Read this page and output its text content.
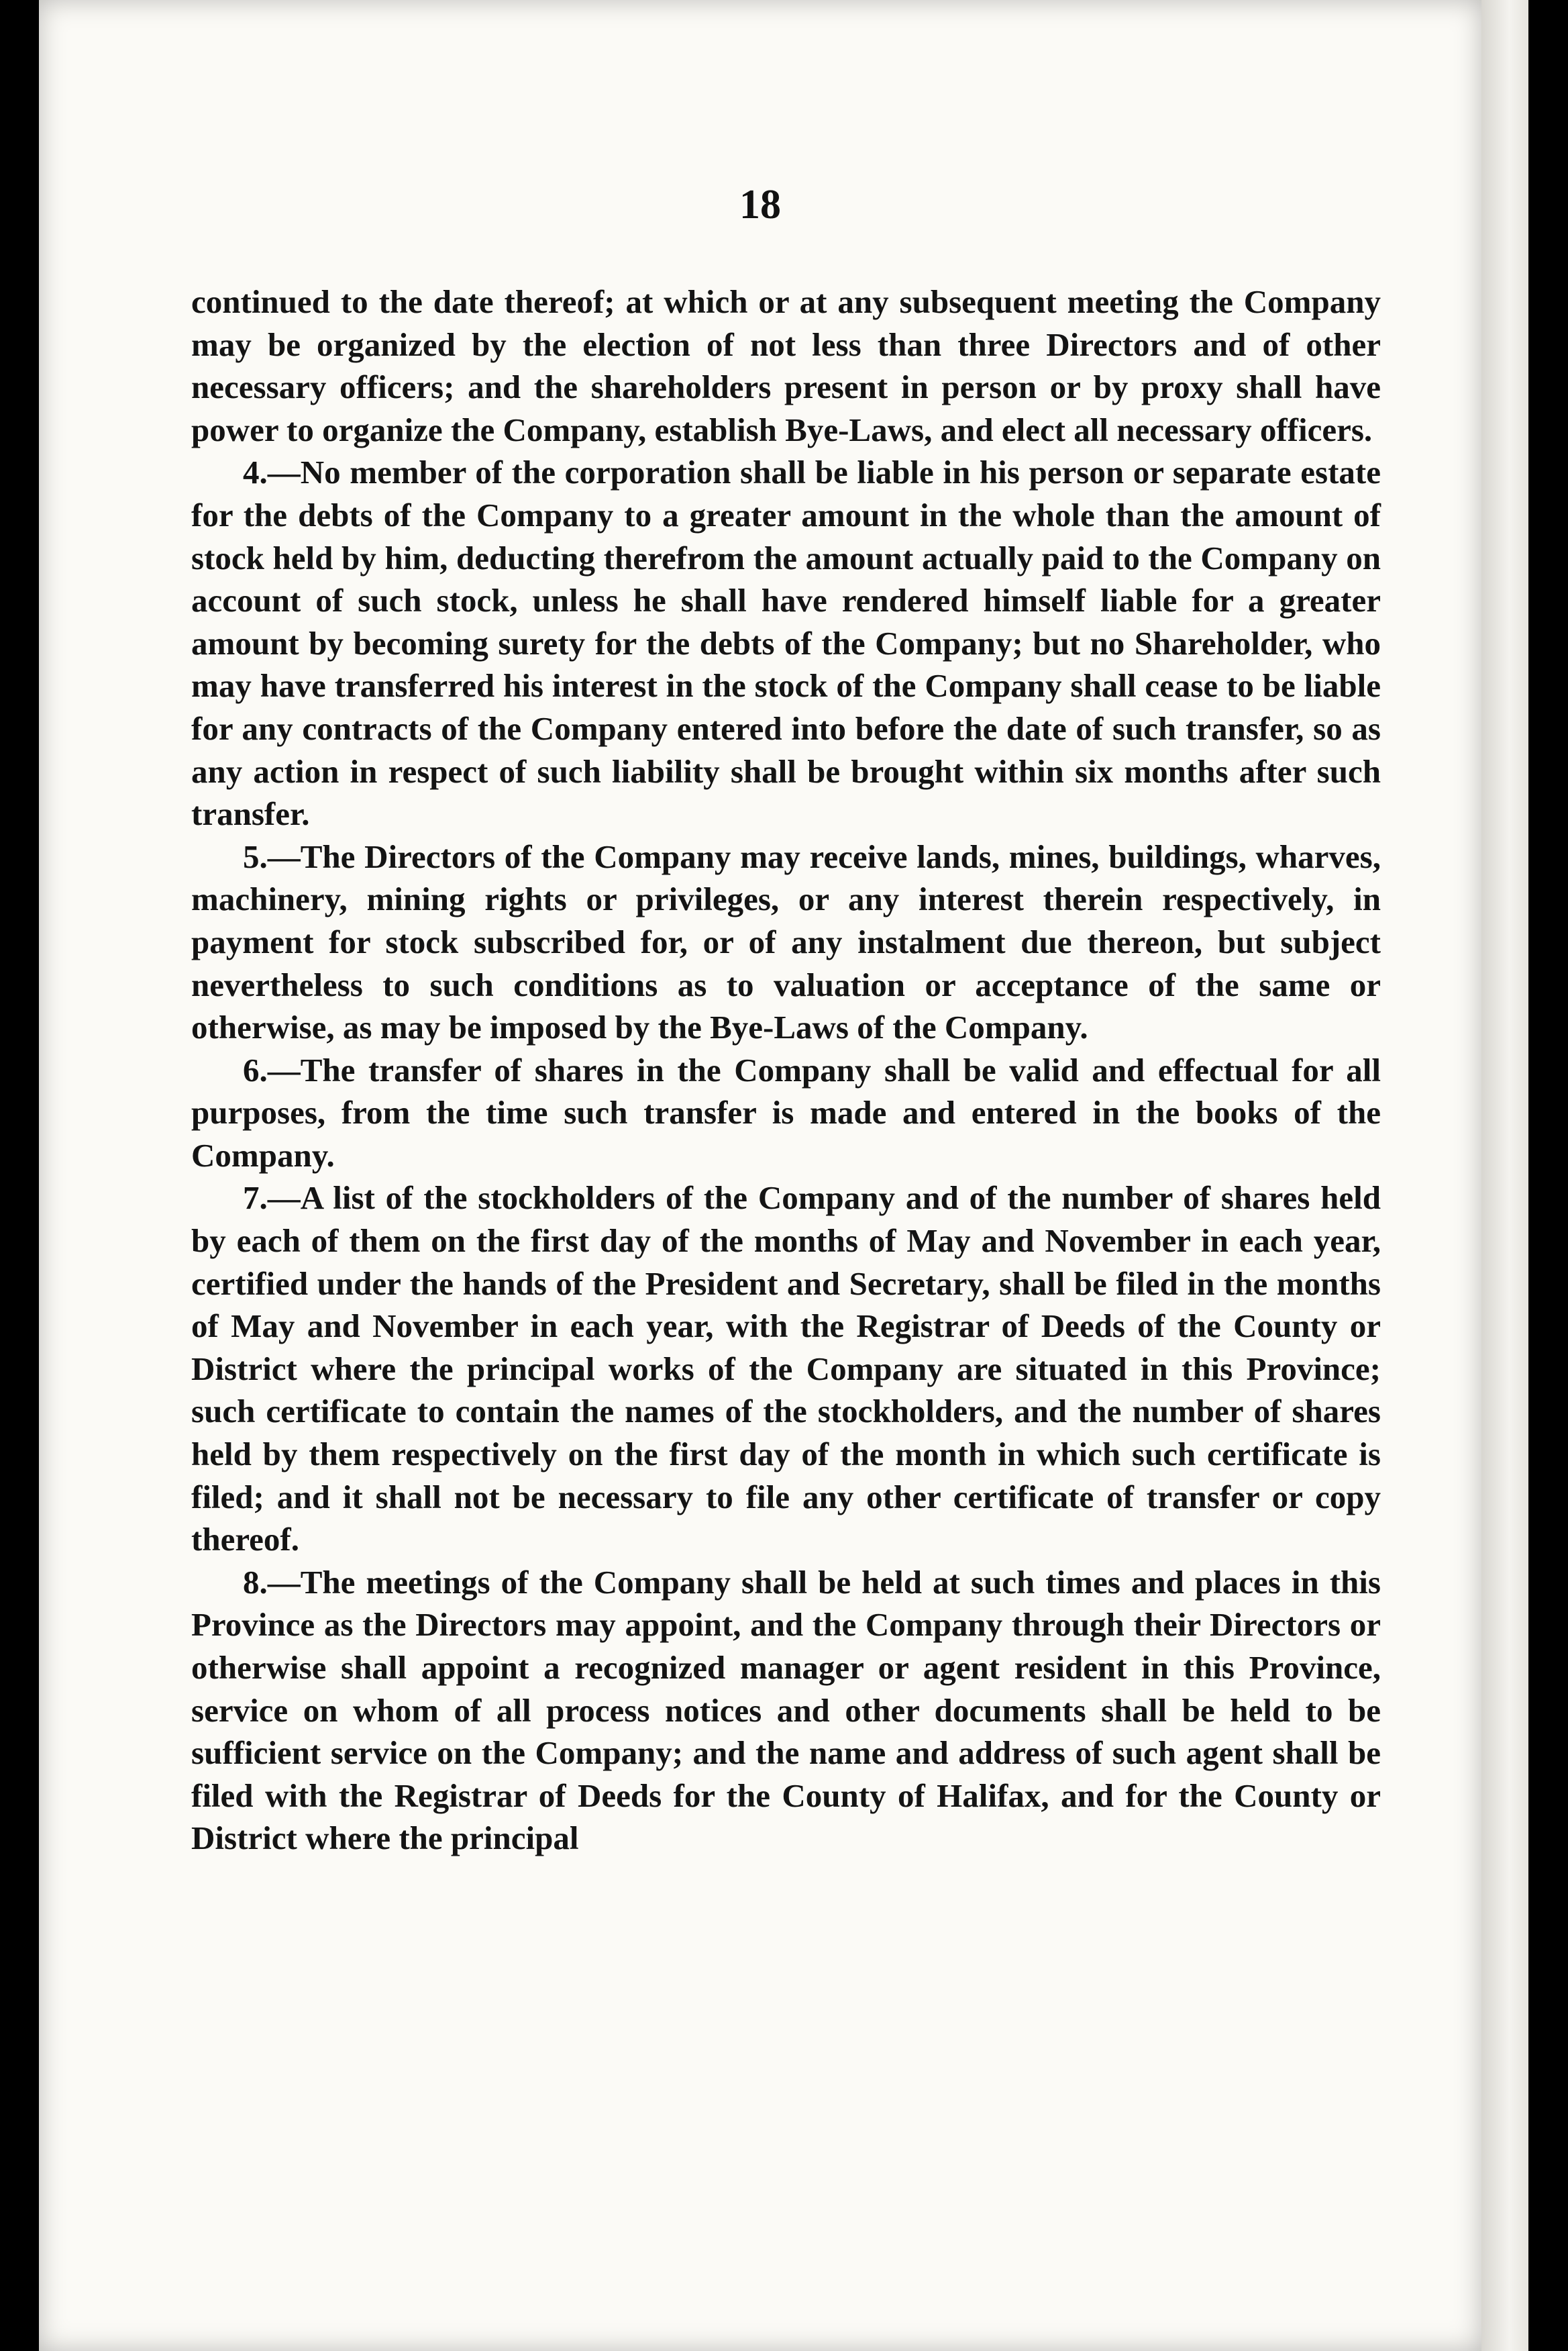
18

continued to the date thereof; at which or at any subsequent meeting the Company may be organized by the election of not less than three Directors and of other necessary officers; and the shareholders present in person or by proxy shall have power to organize the Company, establish Bye-Laws, and elect all necessary officers.

4.—No member of the corporation shall be liable in his person or separate estate for the debts of the Company to a greater amount in the whole than the amount of stock held by him, deducting therefrom the amount actually paid to the Company on account of such stock, unless he shall have rendered himself liable for a greater amount by becoming surety for the debts of the Company; but no Shareholder, who may have transferred his interest in the stock of the Company shall cease to be liable for any contracts of the Company entered into before the date of such transfer, so as any action in respect of such liability shall be brought within six months after such transfer.

5.—The Directors of the Company may receive lands, mines, buildings, wharves, machinery, mining rights or privileges, or any interest therein respectively, in payment for stock subscribed for, or of any instalment due thereon, but subject nevertheless to such conditions as to valuation or acceptance of the same or otherwise, as may be imposed by the Bye-Laws of the Company.

6.—The transfer of shares in the Company shall be valid and effectual for all purposes, from the time such transfer is made and entered in the books of the Company.

7.—A list of the stockholders of the Company and of the number of shares held by each of them on the first day of the months of May and November in each year, certified under the hands of the President and Secretary, shall be filed in the months of May and November in each year, with the Registrar of Deeds of the County or District where the principal works of the Company are situated in this Province; such certificate to contain the names of the stockholders, and the number of shares held by them respectively on the first day of the month in which such certificate is filed; and it shall not be necessary to file any other certificate of transfer or copy thereof.

8.—The meetings of the Company shall be held at such times and places in this Province as the Directors may appoint, and the Company through their Directors or otherwise shall appoint a recognized manager or agent resident in this Province, service on whom of all process notices and other documents shall be held to be sufficient service on the Company; and the name and address of such agent shall be filed with the Registrar of Deeds for the County of Halifax, and for the County or District where the principal
